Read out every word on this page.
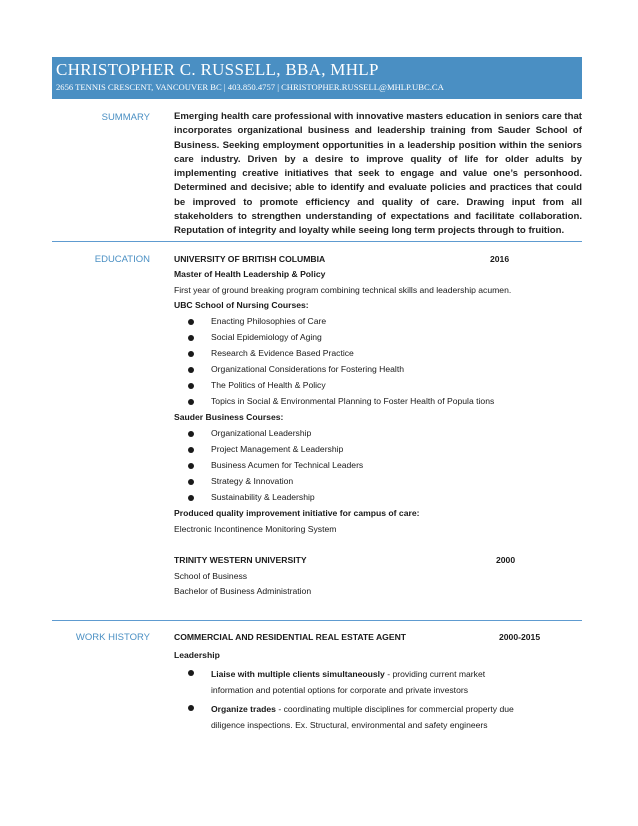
CHRISTOPHER C. RUSSELL, BBA, MHLP
2656 TENNIS CRESCENT, VANCOUVER BC | 403.850.4757 | CHRISTOPHER.RUSSELL@MHLP.UBC.CA
SUMMARY	Emerging health care professional with innovative masters education in seniors care that incorporates organizational business and leadership training from Sauder School of Business. Seeking employment opportunities in a leadership position within the seniors care industry. Driven by a desire to improve quality of life for older adults by implementing creative initiatives that seek to engage and value one’s personhood. Determined and decisive; able to identify and evaluate policies and practices that could be improved to promote efficiency and quality of care. Drawing input from all stakeholders to strengthen understanding of expectations and facilitate collaboration. Reputation of integrity and loyalty while seeing long term projects through to fruition.
EDUCATION	UNIVERSITY OF BRITISH COLUMBIA	2016
Master of Health Leadership & Policy
First year of ground breaking program combining technical skills and leadership acumen.
UBC School of Nursing Courses:
Enacting Philosophies of Care
Social Epidemiology of Aging
Research & Evidence Based Practice
Organizational Considerations for Fostering Health
The Politics of Health & Policy
Topics in Social & Environmental Planning to Foster Health of Popula tions
Sauder Business Courses:
Organizational Leadership
Project Management & Leadership
Business Acumen for Technical Leaders
Strategy & Innovation
Sustainability & Leadership
Produced quality improvement initiative for campus of care:
Electronic Incontinence Monitoring System
TRINITY WESTERN UNIVERSITY	2000
School of Business
Bachelor of Business Administration
WORK HISTORY	COMMERCIAL AND RESIDENTIAL REAL ESTATE AGENT	2000-2015
Leadership
Liaise with multiple clients simultaneously - providing current market information and potential options for corporate and private investors
Organize trades - coordinating multiple disciplines for commercial property due diligence inspections. Ex. Structural, environmental and safety engineers
